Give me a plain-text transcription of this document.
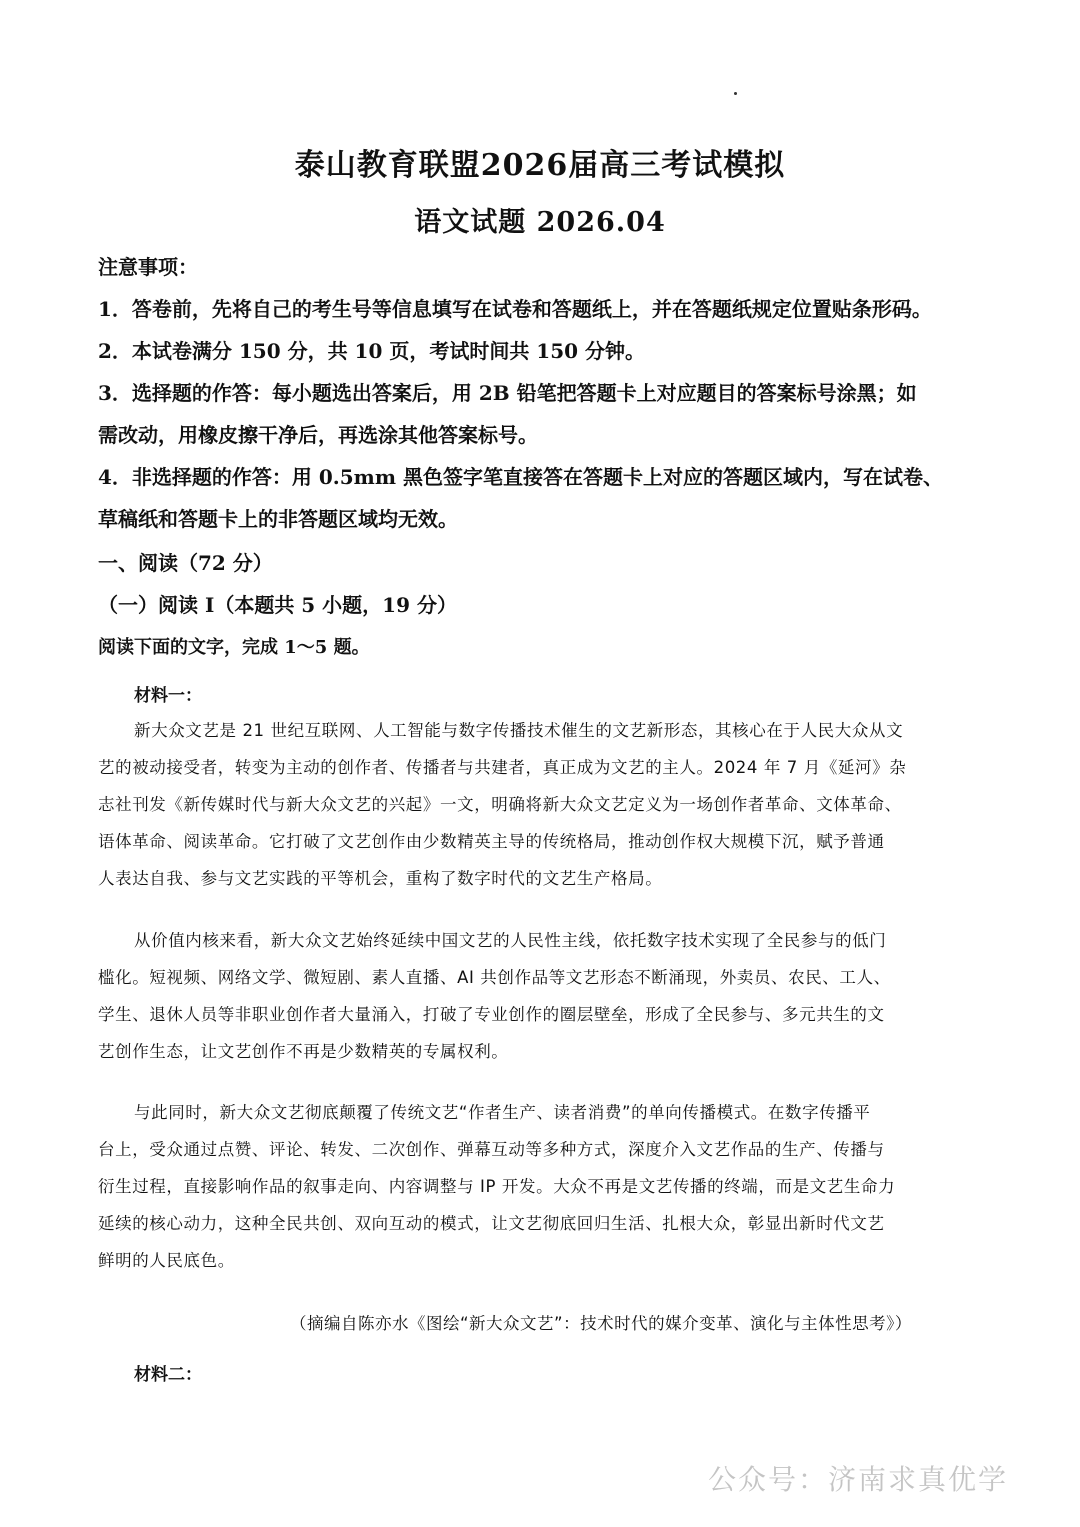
泰山教育联盟2026届高三考试模拟
语文试题 2026.04
注意事项：
1．答卷前，先将自己的考生号等信息填写在试卷和答题纸上，并在答题纸规定位置贴条形码。
2．本试卷满分 150 分，共 10 页，考试时间共 150 分钟。
3．选择题的作答：每小题选出答案后，用 2B 铅笔把答题卡上对应题目的答案标号涂黑；如
需改动，用橡皮擦干净后，再选涂其他答案标号。
4．非选择题的作答：用 0.5mm 黑色签字笔直接答在答题卡上对应的答题区域内，写在试卷、
草稿纸和答题卡上的非答题区域均无效。
一、阅读（72 分）
（一）阅读 I（本题共 5 小题，19 分）
阅读下面的文字，完成 1～5 题。
材料一：
新大众文艺是 21 世纪互联网、人工智能与数字传播技术催生的文艺新形态，其核心在于人民大众从文
艺的被动接受者，转变为主动的创作者、传播者与共建者，真正成为文艺的主人。2024 年 7 月《延河》杂
志社刊发《新传媒时代与新大众文艺的兴起》一文，明确将新大众文艺定义为一场创作者革命、文体革命、
语体革命、阅读革命。它打破了文艺创作由少数精英主导的传统格局，推动创作权大规模下沉，赋予普通
人表达自我、参与文艺实践的平等机会，重构了数字时代的文艺生产格局。
从价值内核来看，新大众文艺始终延续中国文艺的人民性主线，依托数字技术实现了全民参与的低门
槛化。短视频、网络文学、微短剧、素人直播、AI 共创作品等文艺形态不断涌现，外卖员、农民、工人、
学生、退休人员等非职业创作者大量涌入，打破了专业创作的圈层壁垒，形成了全民参与、多元共生的文
艺创作生态，让文艺创作不再是少数精英的专属权利。
与此同时，新大众文艺彻底颠覆了传统文艺“作者生产、读者消费”的单向传播模式。在数字传播平
台上，受众通过点赞、评论、转发、二次创作、弹幕互动等多种方式，深度介入文艺作品的生产、传播与
衍生过程，直接影响作品的叙事走向、内容调整与 IP 开发。大众不再是文艺传播的终端，而是文艺生命力
延续的核心动力，这种全民共创、双向互动的模式，让文艺彻底回归生活、扎根大众，彰显出新时代文艺
鲜明的人民底色。
（摘编自陈亦水《图绘“新大众文艺”：技术时代的媒介变革、演化与主体性思考》）
材料二：
公众号：济南求真优学
